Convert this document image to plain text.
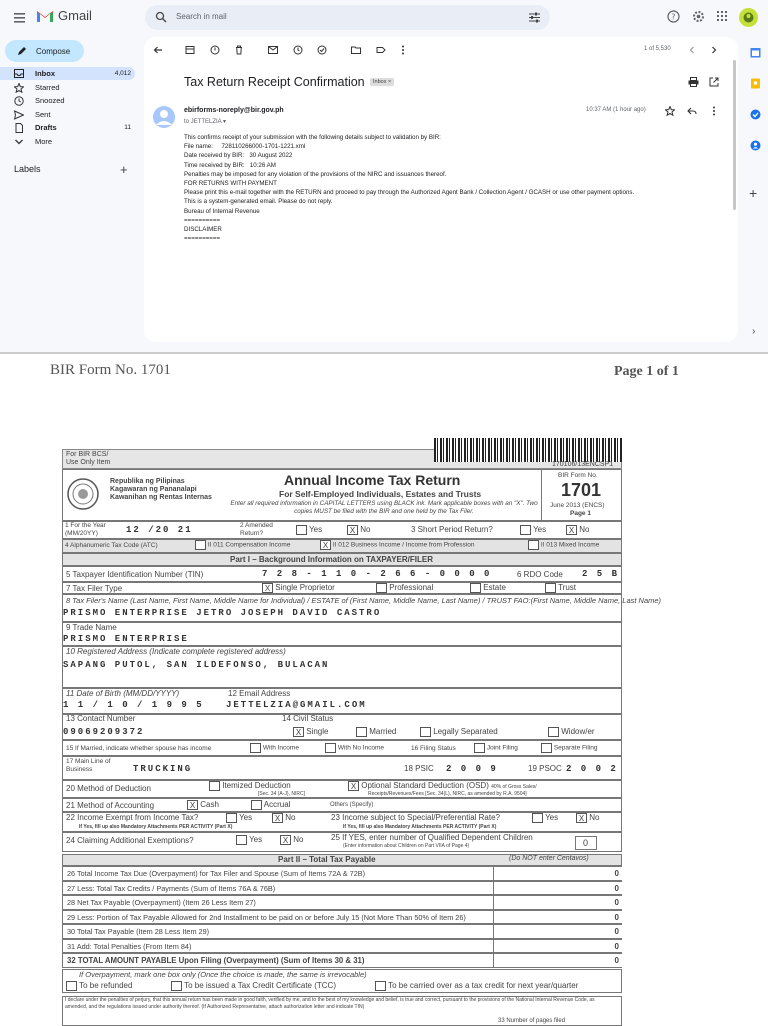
Gmail	Search in mail	?
Compose
Inbox	4,012
Starred
Snoozed
Sent
Drafts	11
More
Labels	+
1 of 5,530
Tax Return Receipt Confirmation	Inbox ×
ebirforms-noreply@bir.gov.ph
to JETTELZIA ▾
10:37 AM (1 hour ago)

This confirms receipt of your submission with the following details subject to validation by BIR:

File name:     728110266000-1701-1221.xml

Date received by BIR:   30 August 2022

Time received by BIR:   10:26 AM

Penalties may be imposed for any violation of the provisions of the NIRC and issuances thereof.

FOR RETURNS WITH PAYMENT

Please print this e-mail together with the RETURN and proceed to pay through the Authorized Agent Bank / Collection Agent / GCASH or use other payment options.

This is a system-generated email. Please do not reply.

Bureau of Internal Revenue

==========

DISCLAIMER

==========

+
›
BIR Form No. 1701	Page 1 of 1
For BIR BCS/
Use Only Item	170106/13ENCSP1
Republika ng Pilipinas
Kagawaran ng Pananalapi
Kawanihan ng Rentas Internas
Annual Income Tax Return
For Self-Employed Individuals, Estates and Trusts
Enter all required information in CAPITAL LETTERS using BLACK ink. Mark applicable boxes with an "X". Two copies MUST be filed with the BIR and one held by the Tax Filer.
BIR Form No.
1701
June 2013 (ENCS)
Page 1
1 For the Year (MM/20YY)	12 /20 21	2 Amended Return?	Yes	X No	3 Short Period Return?	Yes	X No
4 Alphanumeric Tax Code (ATC)	II 011 Compensation Income	X II 012 Business Income / Income from Profession	II 013 Mixed Income
Part I – Background Information on TAXPAYER/FILER
5 Taxpayer Identification Number (TIN)	7 2 8 - 1 1 0 - 2 6 6 - 0 0 0 0	6 RDO Code 2 5 B
7 Tax Filer Type	X Single Proprietor	Professional	Estate	Trust
8 Tax Filer's Name (Last Name, First Name, Middle Name for Individual) / ESTATE of (First Name, Middle Name, Last Name) / TRUST FAO:(First Name, Middle Name, Last Name)
PRISMO ENTERPRISE JETRO JOSEPH DAVID CASTRO
9 Trade Name
PRISMO ENTERPRISE
10 Registered Address (Indicate complete registered address)
SAPANG PUTOL, SAN ILDEFONSO, BULACAN
11 Date of Birth (MM/DD/YYYY)
1 1 / 1 0 / 1 9 9 5
12 Email Address
JETTELZIA@GMAIL.COM
13 Contact Number
09069209372
14 Civil Status
X Single	Married	Legally Separated	Widow/er
15 If Married, indicate whether spouse has income	With Income	With No Income	16 Filing Status	Joint Filing	Separate Filing
17 Main Line of Business	TRUCKING	18 PSIC 2 0 0 9	19 PSOC 2 0 0 2
20 Method of Deduction	Itemized Deduction
[Sec. 34 (A-J), NIRC]
X Optional Standard Deduction (OSD) 40% of Gross Sales/
Receipts/Revenues/Fees [Sec. 34(L), NIRC, as amended by R.A. 9504]
21 Method of Accounting	X Cash	Accrual	Others (Specify)
22 Income Exempt from Income Tax?
If Yes, fill up also Mandatory Attachments PER ACTIVITY (Part X)
Yes	X No	23 Income subject to Special/Preferential Rate?
If Yes, fill up also Mandatory Attachments PER ACTIVITY (Part X)
Yes	X No
24 Claiming Additional Exemptions?	Yes	X No	25 If YES, enter number of Qualified Dependent Children
(Enter information about Children on Part VIIA of Page 4)	0
Part II – Total Tax Payable	(Do NOT enter Centavos)
26 Total Income Tax Due (Overpayment) for Tax Filer and Spouse (Sum of Items 72A & 72B)	0
27 Less: Total Tax Credits / Payments (Sum of Items 76A & 76B)	0
28 Net Tax Payable (Overpayment) (Item 26 Less Item 27)	0
29 Less: Portion of Tax Payable Allowed for 2nd Installment to be paid on or before July 15 (Not More Than 50% of Item 26)	0
30 Total Tax Payable (Item 28 Less Item 29)	0
31 Add: Total Penalties (From Item 84)	0
32 TOTAL AMOUNT PAYABLE Upon Filing (Overpayment) (Sum of Items 30 & 31)	0
If Overpayment, mark one box only (Once the choice is made, the same is irrevocable)
To be refunded	To be issued a Tax Credit Certificate (TCC)	To be carried over as a tax credit for next year/quarter
I declare under the penalties of perjury, that this annual return has been made in good faith, verified by me, and to the best of my knowledge and belief, is true and correct, pursuant to the provisions of the National Internal Revenue Code, as amended, and the regulations issued under authority thereof. (If Authorized Representative, attach authorization letter and indicate TIN)
33 Number of pages filed
